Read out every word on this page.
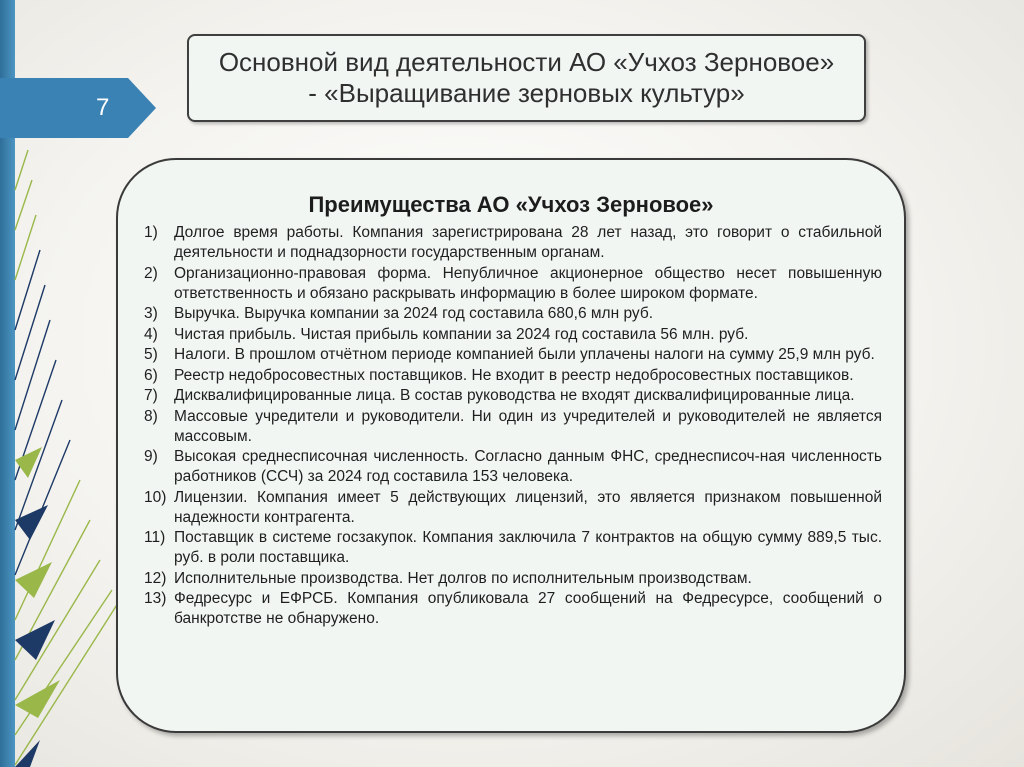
7
Основной вид деятельности АО «Учхоз Зерновое»
- «Выращивание зерновых культур»
Преимущества АО «Учхоз Зерновое»
1)	Долгое время работы. Компания зарегистрирована 28 лет назад, это говорит о стабильной деятельности и поднадзорности государственным органам.
2)	Организационно-правовая форма. Непубличное акционерное общество несет повышенную ответственность и обязано раскрывать информацию в более широком формате.
3)	Выручка. Выручка компании за 2024 год составила 680,6 млн руб.
4)	Чистая прибыль. Чистая прибыль компании за 2024 год составила 56 млн. руб.
5)	Налоги. В прошлом отчётном периоде компанией были уплачены налоги на сумму 25,9 млн руб.
6)	Реестр недобросовестных поставщиков. Не входит в реестр недобросовестных поставщиков.
7)	Дисквалифицированные лица. В состав руководства не входят дисквалифицированные лица.
8)	Массовые учредители и руководители. Ни один из учредителей и руководителей не является массовым.
9)	Высокая среднесписочная численность. Согласно данным ФНС, среднесписоч-ная численность работников (ССЧ) за 2024 год составила 153 человека.
10) Лицензии. Компания имеет 5 действующих лицензий, это является признаком повышенной надежности контрагента.
11) Поставщик в системе госзакупок. Компания заключила 7 контрактов на общую сумму 889,5 тыс. руб. в роли поставщика.
12) Исполнительные производства. Нет долгов по исполнительным производствам.
13) Федресурс и ЕФРСБ. Компания опубликовала 27 сообщений на Федресурсе, сообщений о банкротстве не обнаружено.
